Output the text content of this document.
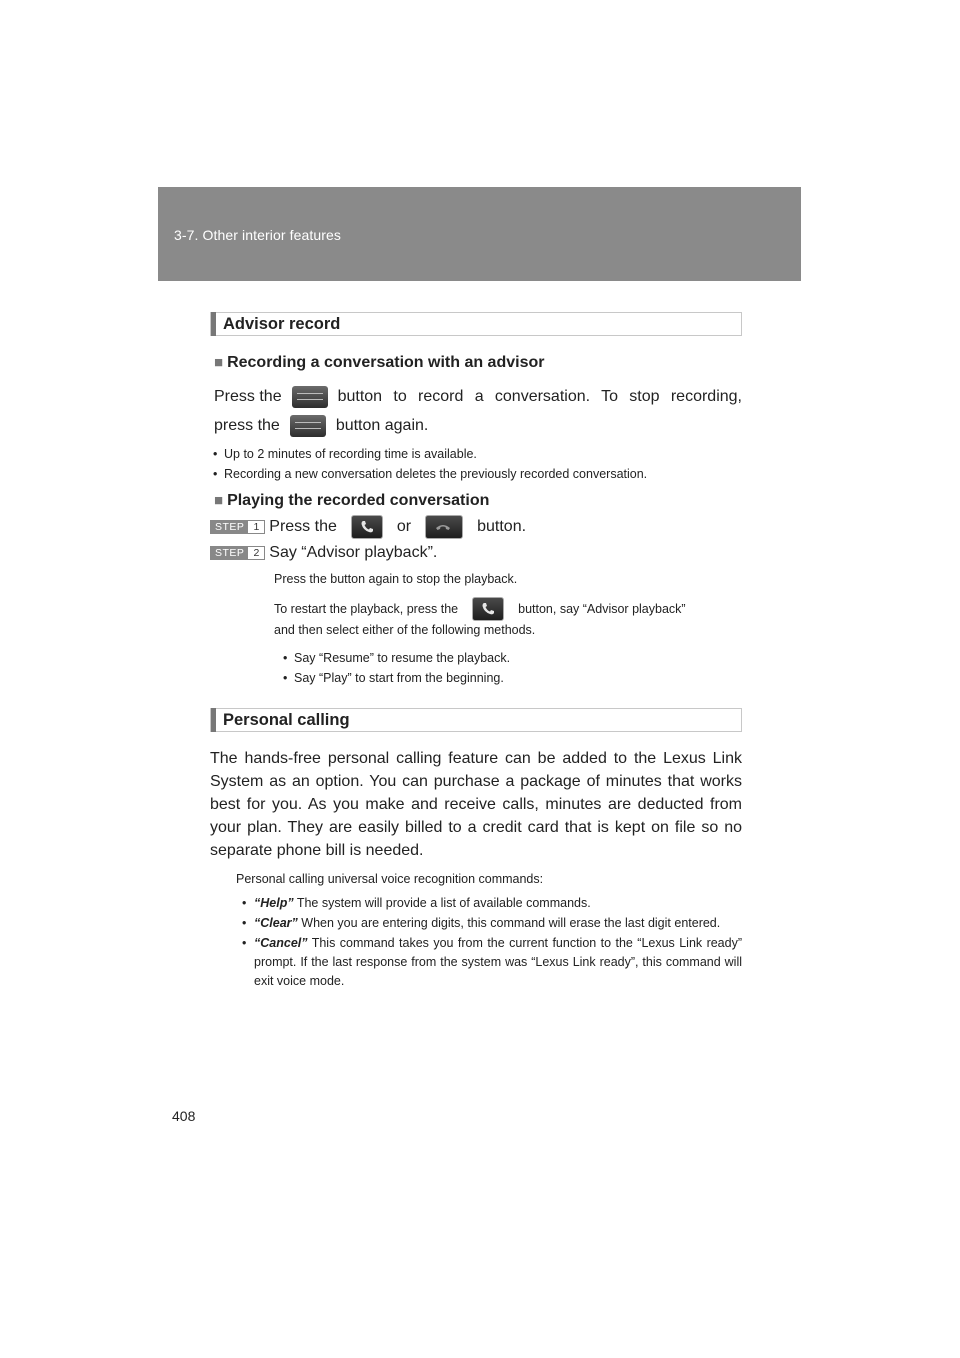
3-7. Other interior features
Advisor record
■ Recording a conversation with an advisor
Press the	button to record a conversation. To stop recording,
press the	button again.
• Up to 2 minutes of recording time is available.
• Recording a new conversation deletes the previously recorded conversation.
■ Playing the recorded conversation
STEP 1 Press the	or	button.
STEP 2 Say “Advisor playback”.
Press the button again to stop the playback.
To restart the playback, press the	button, say “Advisor playback”
and then select either of the following methods.
• Say “Resume” to resume the playback.
• Say “Play” to start from the beginning.
Personal calling
The hands-free personal calling feature can be added to the Lexus Link System as an option. You can purchase a package of minutes that works best for you. As you make and receive calls, minutes are deducted from your plan. They are easily billed to a credit card that is kept on file so no separate phone bill is needed.
Personal calling universal voice recognition commands:
• “Help” The system will provide a list of available commands.
• “Clear” When you are entering digits, this command will erase the last digit entered.
• “Cancel” This command takes you from the current function to the “Lexus Link ready” prompt. If the last response from the system was “Lexus Link ready”, this command will exit voice mode.
408
